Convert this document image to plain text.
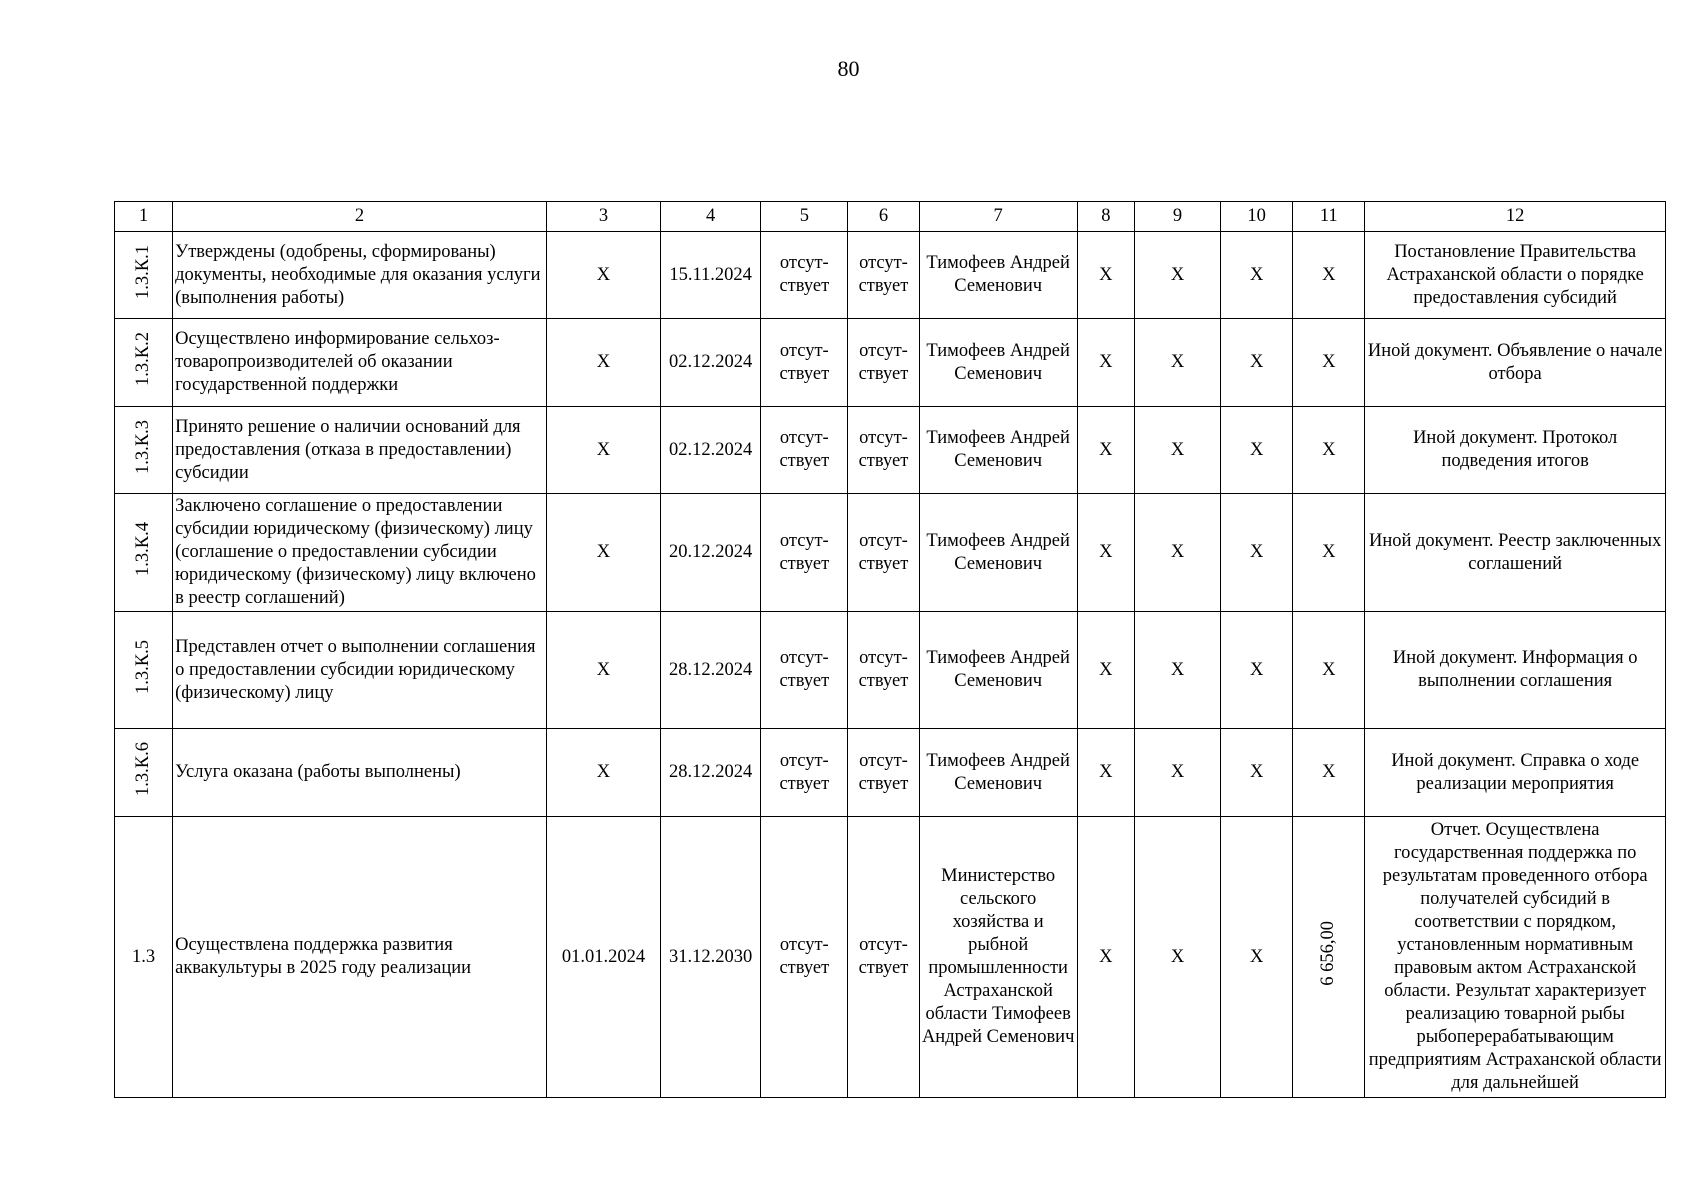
80
1	2	3	4	5	6	7	8	9	10	11	12
1.3.К.1	Утверждены (одобрены, сформированы) документы, необходимые для оказания услуги (выполнения работы)	Х	15.11.2024	отсут-ствует	отсут-ствует	Тимофеев Андрей Семенович	Х	Х	Х	Х	Постановление Правительства Астраханской области о порядке предоставления субсидий
1.3.К.2	Осуществлено информирование сельхоз-товаропроизводителей об оказании государственной поддержки	Х	02.12.2024	отсут-ствует	отсут-ствует	Тимофеев Андрей Семенович	Х	Х	Х	Х	Иной документ. Объявление о начале отбора
1.3.К.3	Принято решение о наличии оснований для предоставления (отказа в предоставлении) субсидии	Х	02.12.2024	отсут-ствует	отсут-ствует	Тимофеев Андрей Семенович	Х	Х	Х	Х	Иной документ. Протокол подведения итогов
1.3.К.4	Заключено соглашение о предоставлении субсидии юридическому (физическому) лицу (соглашение о предоставлении субсидии юридическому (физическому) лицу включено в реестр соглашений)	Х	20.12.2024	отсут-ствует	отсут-ствует	Тимофеев Андрей Семенович	Х	Х	Х	Х	Иной документ. Реестр заключенных соглашений
1.3.К.5	Представлен отчет о выполнении соглашения о предоставлении субсидии юридическому (физическому) лицу	Х	28.12.2024	отсут-ствует	отсут-ствует	Тимофеев Андрей Семенович	Х	Х	Х	Х	Иной документ. Информация о выполнении соглашения
1.3.К.6	Услуга оказана (работы выполнены)	Х	28.12.2024	отсут-ствует	отсут-ствует	Тимофеев Андрей Семенович	Х	Х	Х	Х	Иной документ. Справка о ходе реализации мероприятия
1.3	Осуществлена поддержка развития аквакультуры в 2025 году реализации	01.01.2024	31.12.2030	отсут-ствует	отсут-ствует	Министерство сельского хозяйства и рыбной промышленности Астраханской области Тимофеев Андрей Семенович	Х	Х	Х	6 656,00	Отчет. Осуществлена государственная поддержка по результатам проведенного отбора получателей субсидий в соответствии с порядком, установленным нормативным правовым актом Астраханской области. Результат характеризует реализацию товарной рыбы рыбоперерабатывающим предприятиям Астраханской области для дальнейшей
